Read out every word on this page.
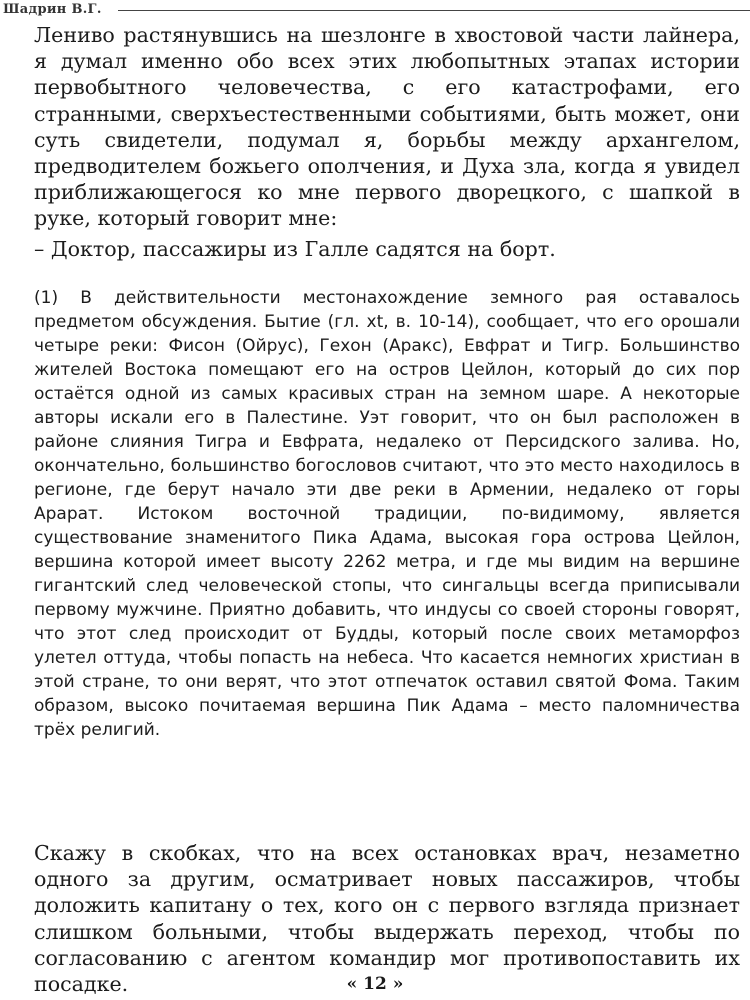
Шадрин В.Г.

Лениво растянувшись на шезлонге в хвостовой части лайнера, я думал именно обо всех этих любопытных этапах истории первобытного человечества, с его катастрофами, его странными, сверхъестественными событиями, быть может, они суть свидетели, подумал я, борьбы между архангелом, предводителем божьего ополчения, и Духа зла, когда я увидел приближающегося ко мне первого дворецкого, с шапкой в руке, который говорит мне:

– Доктор, пассажиры из Галле садятся на борт.

(1) В действительности местонахождение земного рая оставалось предметом обсуждения. Бытие (гл. xt, в. 10-14), сообщает, что его орошали четыре реки: Фисон (Ойрус), Гехон (Аракс), Евфрат и Тигр. Большинство жителей Востока помещают его на остров Цейлон, который до сих пор остаётся одной из самых красивых стран на земном шаре. А некоторые авторы искали его в Палестине. Уэт говорит, что он был расположен в районе слияния Тигра и Евфрата, недалеко от Персидского залива. Но, окончательно, большинство богословов считают, что это место находилось в регионе, где берут начало эти две реки в Армении, недалеко от горы Арарат. Истоком восточной традиции, по-видимому, является существование знаменитого Пика Адама, высокая гора острова Цейлон, вершина которой имеет высоту 2262 метра, и где мы видим на вершине гигантский след человеческой стопы, что сингальцы всегда приписывали первому мужчине. Приятно добавить, что индусы со своей стороны говорят, что этот след происходит от Будды, который после своих метаморфоз улетел оттуда, чтобы попасть на небеса. Что касается немногих христиан в этой стране, то они верят, что этот отпечаток оставил святой Фома. Таким образом, высоко почитаемая вершина Пик Адама – место паломничества трёх религий.

Скажу в скобках, что на всех остановках врач, незаметно одного за другим, осматривает новых пассажиров, чтобы доложить капитану о тех, кого он с первого взгляда признает слишком больными, чтобы выдержать переход, чтобы по согласованию с агентом командир мог противопоставить их посадке.	« 12 »
